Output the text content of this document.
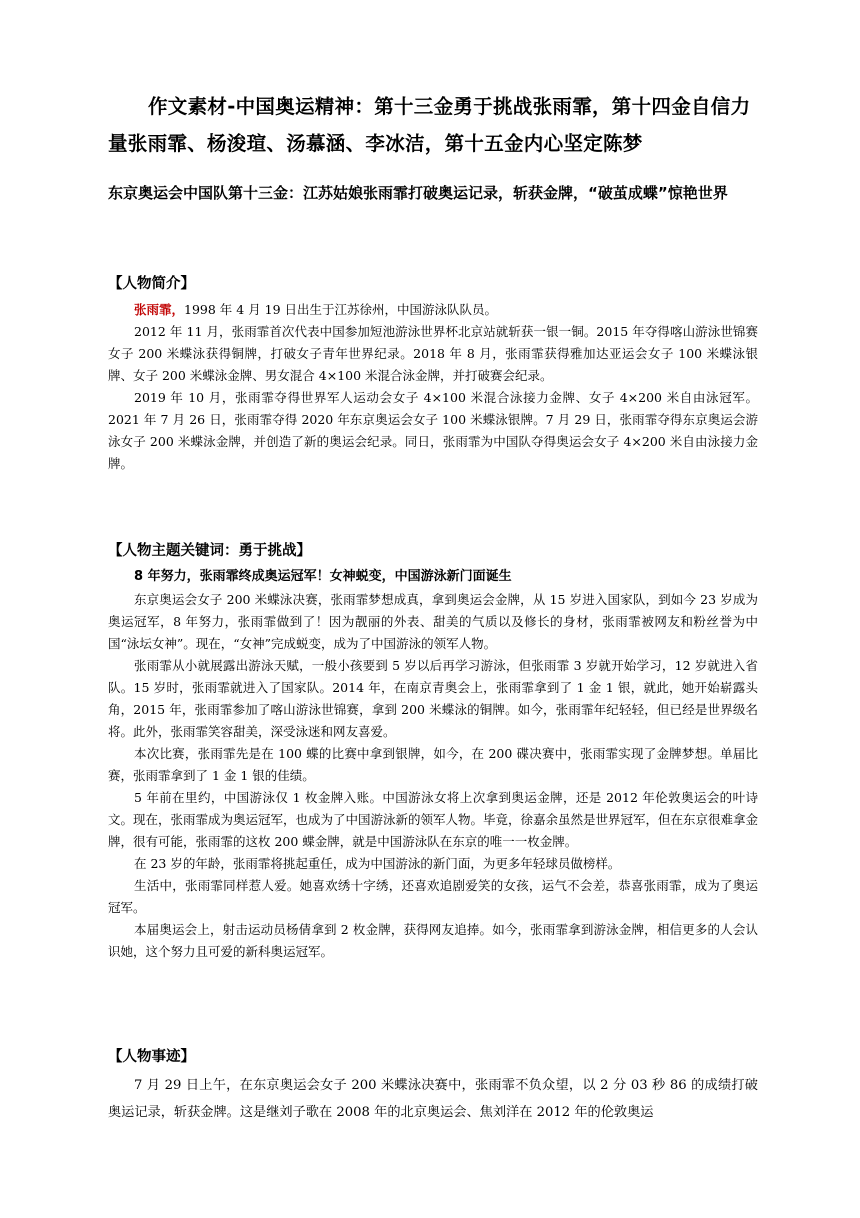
作文素材-中国奥运精神：第十三金勇于挑战张雨霏，第十四金自信力量张雨霏、杨浚瑄、汤慕涵、李冰洁，第十五金内心坚定陈梦
东京奥运会中国队第十三金：江苏姑娘张雨霏打破奥运记录，斩获金牌，“破茧成蝶”惊艳世界
【人物简介】

张雨霏，1998 年 4 月 19 日出生于江苏徐州，中国游泳队队员。

2012 年 11 月，张雨霏首次代表中国参加短池游泳世界杯北京站就斩获一银一铜。2015 年夺得喀山游泳世锦赛女子 200 米蝶泳获得铜牌，打破女子青年世界纪录。2018 年 8 月，张雨霏获得雅加达亚运会女子 100 米蝶泳银牌、女子 200 米蝶泳金牌、男女混合 4×100 米混合泳金牌，并打破赛会纪录。

2019 年 10 月，张雨霏夺得世界军人运动会女子 4×100 米混合泳接力金牌、女子 4×200 米自由泳冠军。2021 年 7 月 26 日，张雨霏夺得 2020 年东京奥运会女子 100 米蝶泳银牌。7 月 29 日，张雨霏夺得东京奥运会游泳女子 200 米蝶泳金牌，并创造了新的奥运会纪录。同日，张雨霏为中国队夺得奥运会女子 4×200 米自由泳接力金牌。

【人物主题关键词：勇于挑战】

8 年努力，张雨霏终成奥运冠军！女神蜕变，中国游泳新门面诞生

东京奥运会女子 200 米蝶泳决赛，张雨霏梦想成真，拿到奥运会金牌，从 15 岁进入国家队，到如今 23 岁成为奥运冠军，8 年努力，张雨霏做到了！因为靓丽的外表、甜美的气质以及修长的身材，张雨霏被网友和粉丝誉为中国“泳坛女神”。现在，“女神”完成蜕变，成为了中国游泳的领军人物。

张雨霏从小就展露出游泳天赋，一般小孩要到 5 岁以后再学习游泳，但张雨霏 3 岁就开始学习，12 岁就进入省队。15 岁时，张雨霏就进入了国家队。2014 年，在南京青奥会上，张雨霏拿到了 1 金 1 银，就此，她开始崭露头角，2015 年，张雨霏参加了喀山游泳世锦赛，拿到 200 米蝶泳的铜牌。如今，张雨霏年纪轻轻，但已经是世界级名将。此外，张雨霏笑容甜美，深受泳迷和网友喜爱。

本次比赛，张雨霏先是在 100 蝶的比赛中拿到银牌，如今，在 200 碟决赛中，张雨霏实现了金牌梦想。单届比赛，张雨霏拿到了 1 金 1 银的佳绩。

5 年前在里约，中国游泳仅 1 枚金牌入账。中国游泳女将上次拿到奥运金牌，还是 2012 年伦敦奥运会的叶诗文。现在，张雨霏成为奥运冠军，也成为了中国游泳新的领军人物。毕竟，徐嘉余虽然是世界冠军，但在东京很难拿金牌，很有可能，张雨霏的这枚 200 蝶金牌，就是中国游泳队在东京的唯一一枚金牌。

在 23 岁的年龄，张雨霏将挑起重任，成为中国游泳的新门面，为更多年轻球员做榜样。

生活中，张雨霏同样惹人爱。她喜欢绣十字绣，还喜欢追剧爱笑的女孩，运气不会差，恭喜张雨霏，成为了奥运冠军。

本届奥运会上，射击运动员杨倩拿到 2 枚金牌，获得网友追捧。如今，张雨霏拿到游泳金牌，相信更多的人会认识她，这个努力且可爱的新科奥运冠军。

【人物事迹】

7 月 29 日上午，在东京奥运会女子 200 米蝶泳决赛中，张雨霏不负众望，以 2 分 03 秒 86 的成绩打破奥运记录，斩获金牌。这是继刘子歌在 2008 年的北京奥运会、焦刘洋在 2012 年的伦敦奥运
